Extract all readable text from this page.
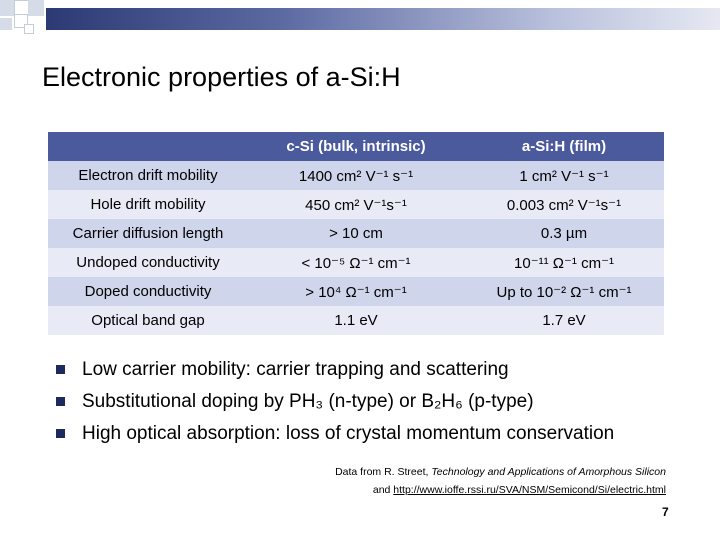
Electronic properties of a-Si:H
	c-Si (bulk, intrinsic)	a-Si:H (film)
Electron drift mobility	1400 cm² V⁻¹ s⁻¹	1 cm² V⁻¹ s⁻¹
Hole drift mobility	450 cm² V⁻¹s⁻¹	0.003 cm² V⁻¹s⁻¹
Carrier diffusion length	> 10 cm	0.3 µm
Undoped conductivity	< 10⁻⁵ Ω⁻¹ cm⁻¹	10⁻¹¹ Ω⁻¹ cm⁻¹
Doped conductivity	> 10⁴ Ω⁻¹ cm⁻¹	Up to 10⁻² Ω⁻¹ cm⁻¹
Optical band gap	1.1 eV	1.7 eV
Low carrier mobility: carrier trapping and scattering
Substitutional doping by PH₃ (n-type) or B₂H₆ (p-type)
High optical absorption: loss of crystal momentum conservation
Data from R. Street, Technology and Applications of Amorphous Silicon
and http://www.ioffe.rssi.ru/SVA/NSM/Semicond/Si/electric.html
7
